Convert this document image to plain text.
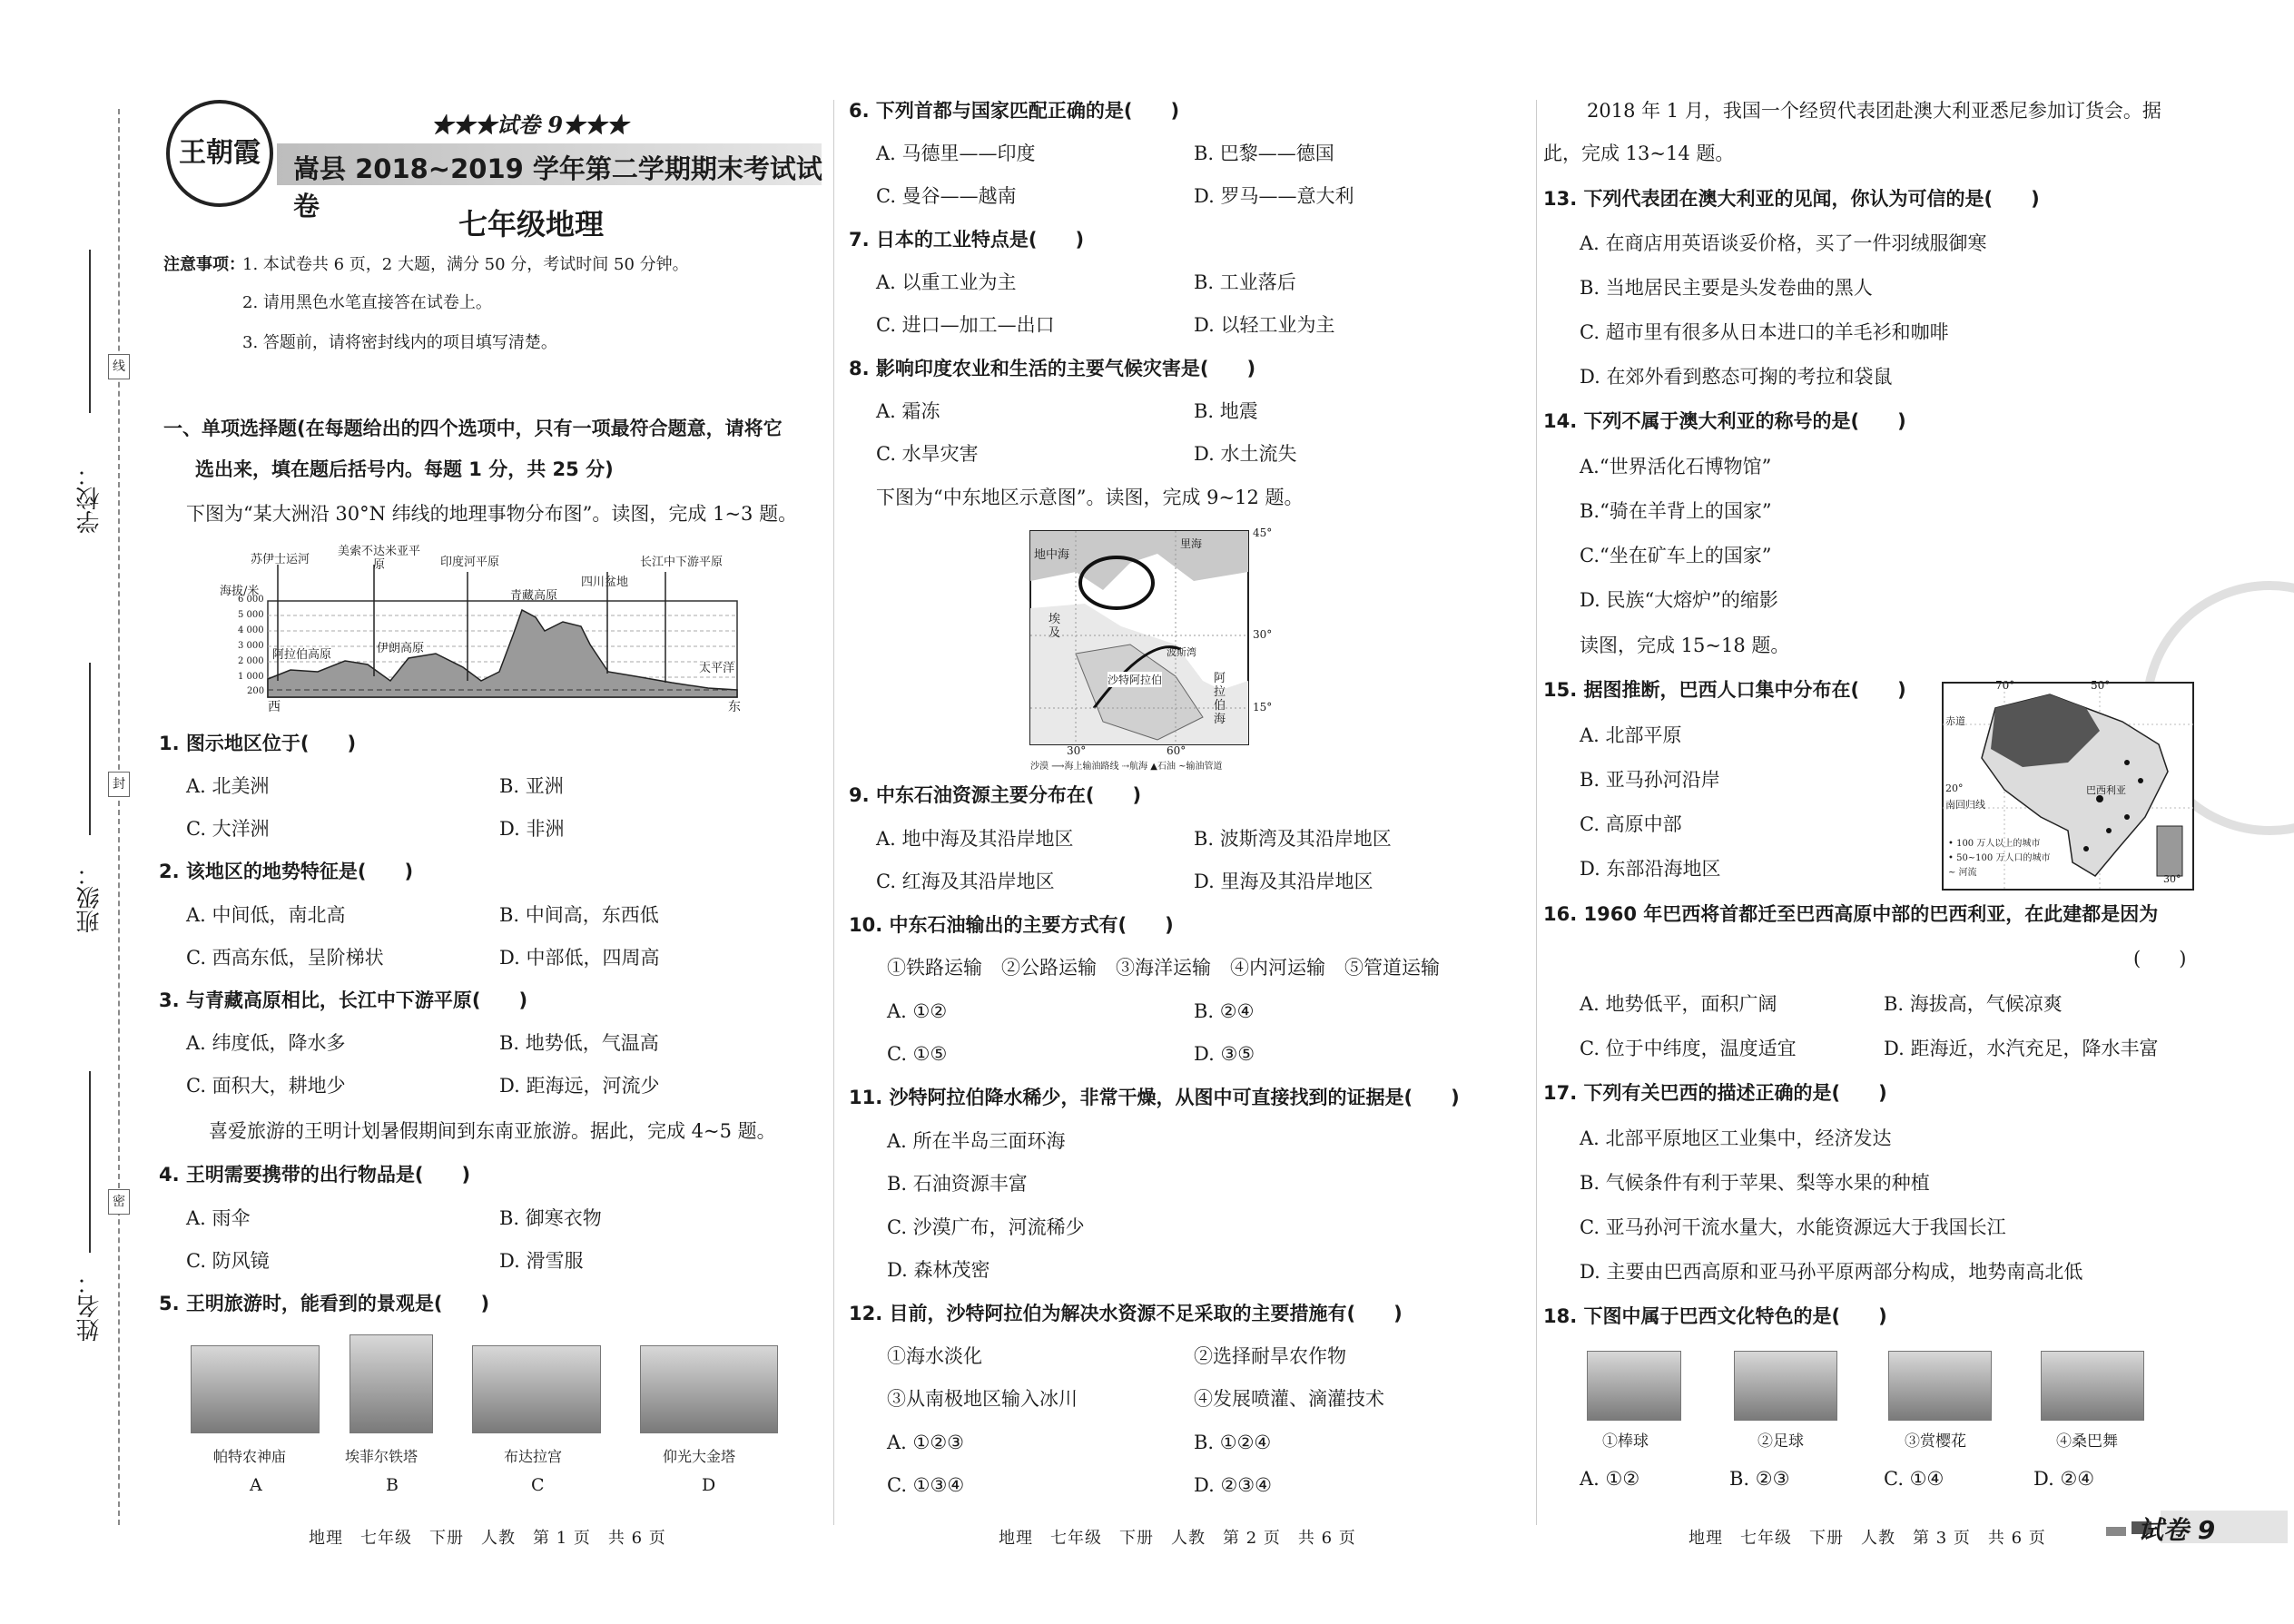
学校：
班级：
姓名：
线
封
密
王朝霞
★★★试卷 9★★★
嵩县 2018~2019 学年第二学期期末考试试卷
七年级地理
注意事项：
1. 本试卷共 6 页，2 大题，满分 50 分，考试时间 50 分钟。
2. 请用黑色水笔直接答在试卷上。
3. 答题前，请将密封线内的项目填写清楚。
一、单项选择题(在每题给出的四个选项中，只有一项最符合题意，请将它
选出来，填在题后括号内。每题 1 分，共 25 分)
下图为“某大洲沿 30°N 纬线的地理事物分布图”。读图，完成 1~3 题。
海拔/米
6 000
5 000
4 000
3 000
2 000
1 000
200
苏伊士运河
美索不达米亚平原	印度河平原
青藏高原
四川盆地
长江中下游平原
阿拉伯高原	伊朗高原
太平洋
西	东
1. 图示地区位于(　　)
A. 北美洲	B. 亚洲
C. 大洋洲	D. 非洲
2. 该地区的地势特征是(　　)
A. 中间低，南北高	B. 中间高，东西低
C. 西高东低，呈阶梯状	D. 中部低，四周高
3. 与青藏高原相比，长江中下游平原(　　)
A. 纬度低，降水多	B. 地势低，气温高
C. 面积大，耕地少	D. 距海远，河流少
喜爱旅游的王明计划暑假期间到东南亚旅游。据此，完成 4~5 题。
4. 王明需要携带的出行物品是(　　)
A. 雨伞	B. 御寒衣物
C. 防风镜	D. 滑雪服
5. 王明旅游时，能看到的景观是(　　)
帕特农神庙	埃菲尔铁塔	布达拉宫	仰光大金塔
A	B	C	D
地理　七年级　下册　人教　第 1 页　共 6 页
6. 下列首都与国家匹配正确的是(　　)
A. 马德里——印度	B. 巴黎——德国
C. 曼谷——越南	D. 罗马——意大利
7. 日本的工业特点是(　　)
A. 以重工业为主	B. 工业落后
C. 进口—加工—出口	D. 以轻工业为主
8. 影响印度农业和生活的主要气候灾害是(　　)
A. 霜冻	B. 地震
C. 水旱灾害	D. 水土流失
下图为“中东地区示意图”。读图，完成 9~12 题。
地中海
埃及
沙特阿拉伯	阿拉伯海
里海
波斯湾
45°
30°
15°
30°	60°
沙漠 ⟶海上输油路线 ⇢航海 ▲石油 ~输油管道
9. 中东石油资源主要分布在(　　)
A. 地中海及其沿岸地区	B. 波斯湾及其沿岸地区
C. 红海及其沿岸地区	D. 里海及其沿岸地区
10. 中东石油输出的主要方式有(　　)
①铁路运输　②公路运输　③海洋运输　④内河运输　⑤管道运输
A. ①②	B. ②④
C. ①⑤	D. ③⑤
11. 沙特阿拉伯降水稀少，非常干燥，从图中可直接找到的证据是(　　)
A. 所在半岛三面环海
B. 石油资源丰富
C. 沙漠广布，河流稀少
D. 森林茂密
12. 目前，沙特阿拉伯为解决水资源不足采取的主要措施有(　　)
①海水淡化	②选择耐旱农作物
③从南极地区输入冰川	④发展喷灌、滴灌技术
A. ①②③	B. ①②④
C. ①③④	D. ②③④
地理　七年级　下册　人教　第 2 页　共 6 页
2018 年 1 月，我国一个经贸代表团赴澳大利亚悉尼参加订货会。据
此，完成 13~14 题。
13. 下列代表团在澳大利亚的见闻，你认为可信的是(　　)
A. 在商店用英语谈妥价格，买了一件羽绒服御寒
B. 当地居民主要是头发卷曲的黑人
C. 超市里有很多从日本进口的羊毛衫和咖啡
D. 在郊外看到憨态可掬的考拉和袋鼠
14. 下列不属于澳大利亚的称号的是(　　)
A.“世界活化石博物馆”
B.“骑在羊背上的国家”
C.“坐在矿车上的国家”
D. 民族“大熔炉”的缩影
读图，完成 15~18 题。
15. 据图推断，巴西人口集中分布在(　　)
A. 北部平原
B. 亚马孙河沿岸
C. 高原中部
D. 东部沿海地区
70°	50°
赤道
巴西利亚
南回归线
30°
20°
• 100 万人以上的城市
• 50~100 万人口的城市
~ 河流
16. 1960 年巴西将首都迁至巴西高原中部的巴西利亚，在此建都是因为
(　　)
A. 地势低平，面积广阔	B. 海拔高，气候凉爽
C. 位于中纬度，温度适宜	D. 距海近，水汽充足，降水丰富
17. 下列有关巴西的描述正确的是(　　)
A. 北部平原地区工业集中，经济发达
B. 气候条件有利于苹果、梨等水果的种植
C. 亚马孙河干流水量大，水能资源远大于我国长江
D. 主要由巴西高原和亚马孙平原两部分构成，地势南高北低
18. 下图中属于巴西文化特色的是(　　)
①棒球	②足球	③赏樱花	④桑巴舞
A. ①②	B. ②③	C. ①④	D. ②④
地理　七年级　下册　人教　第 3 页　共 6 页	试卷 9
